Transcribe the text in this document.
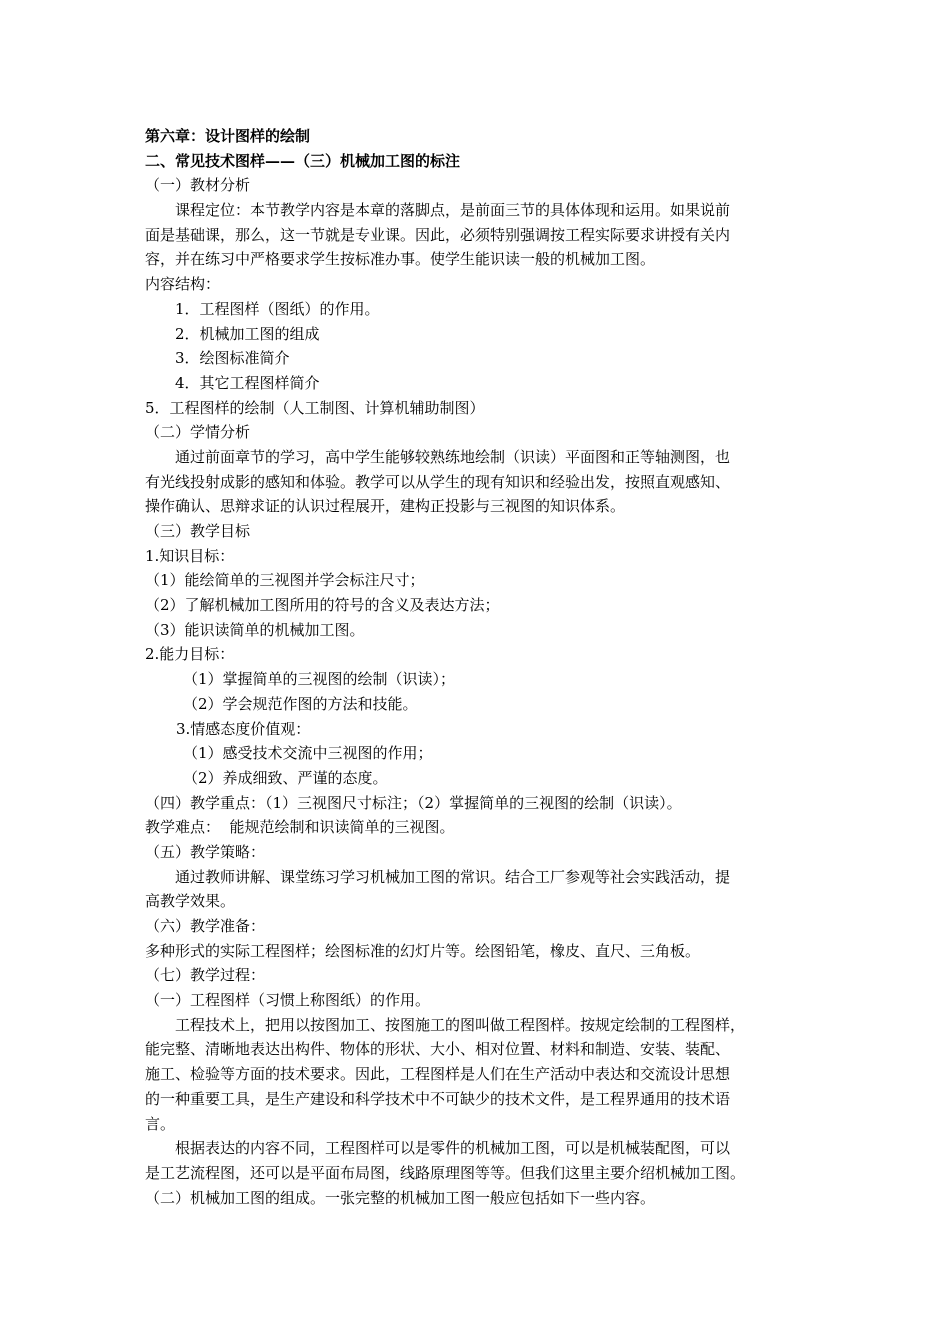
第六章：设计图样的绘制
二、常见技术图样——（三）机械加工图的标注
（一）教材分析
课程定位：本节教学内容是本章的落脚点，是前面三节的具体体现和运用。如果说前
面是基础课，那么，这一节就是专业课。因此，必须特别强调按工程实际要求讲授有关内
容，并在练习中严格要求学生按标准办事。使学生能识读一般的机械加工图。
内容结构：
1．工程图样（图纸）的作用。
2．机械加工图的组成
3．绘图标准简介
4．其它工程图样简介
5．工程图样的绘制（人工制图、计算机辅助制图）
（二）学情分析
通过前面章节的学习，高中学生能够较熟练地绘制（识读）平面图和正等轴测图，也
有光线投射成影的感知和体验。教学可以从学生的现有知识和经验出发，按照直观感知、
操作确认、思辩求证的认识过程展开，建构正投影与三视图的知识体系。
（三）教学目标
1.知识目标：
（1）能绘简单的三视图并学会标注尺寸；
（2）了解机械加工图所用的符号的含义及表达方法；
（3）能识读简单的机械加工图。
2.能力目标：
（1）掌握简单的三视图的绘制（识读）；
（2）学会规范作图的方法和技能。
3.情感态度价值观：
（1）感受技术交流中三视图的作用；
（2）养成细致、严谨的态度。
（四）教学重点：（1）三视图尺寸标注；（2）掌握简单的三视图的绘制（识读）。
教学难点：  能规范绘制和识读简单的三视图。
（五）教学策略：
通过教师讲解、课堂练习学习机械加工图的常识。结合工厂参观等社会实践活动，提
高教学效果。
（六）教学准备：
多种形式的实际工程图样；绘图标准的幻灯片等。绘图铅笔，橡皮、直尺、三角板。
（七）教学过程：
（一）工程图样（习惯上称图纸）的作用。
工程技术上，把用以按图加工、按图施工的图叫做工程图样。按规定绘制的工程图样，
能完整、清晰地表达出构件、物体的形状、大小、相对位置、材料和制造、安装、装配、
施工、检验等方面的技术要求。因此，工程图样是人们在生产活动中表达和交流设计思想
的一种重要工具，是生产建设和科学技术中不可缺少的技术文件，是工程界通用的技术语
言。
根据表达的内容不同，工程图样可以是零件的机械加工图，可以是机械装配图，可以
是工艺流程图，还可以是平面布局图，线路原理图等等。但我们这里主要介绍机械加工图。
（二）机械加工图的组成。一张完整的机械加工图一般应包括如下一些内容。
